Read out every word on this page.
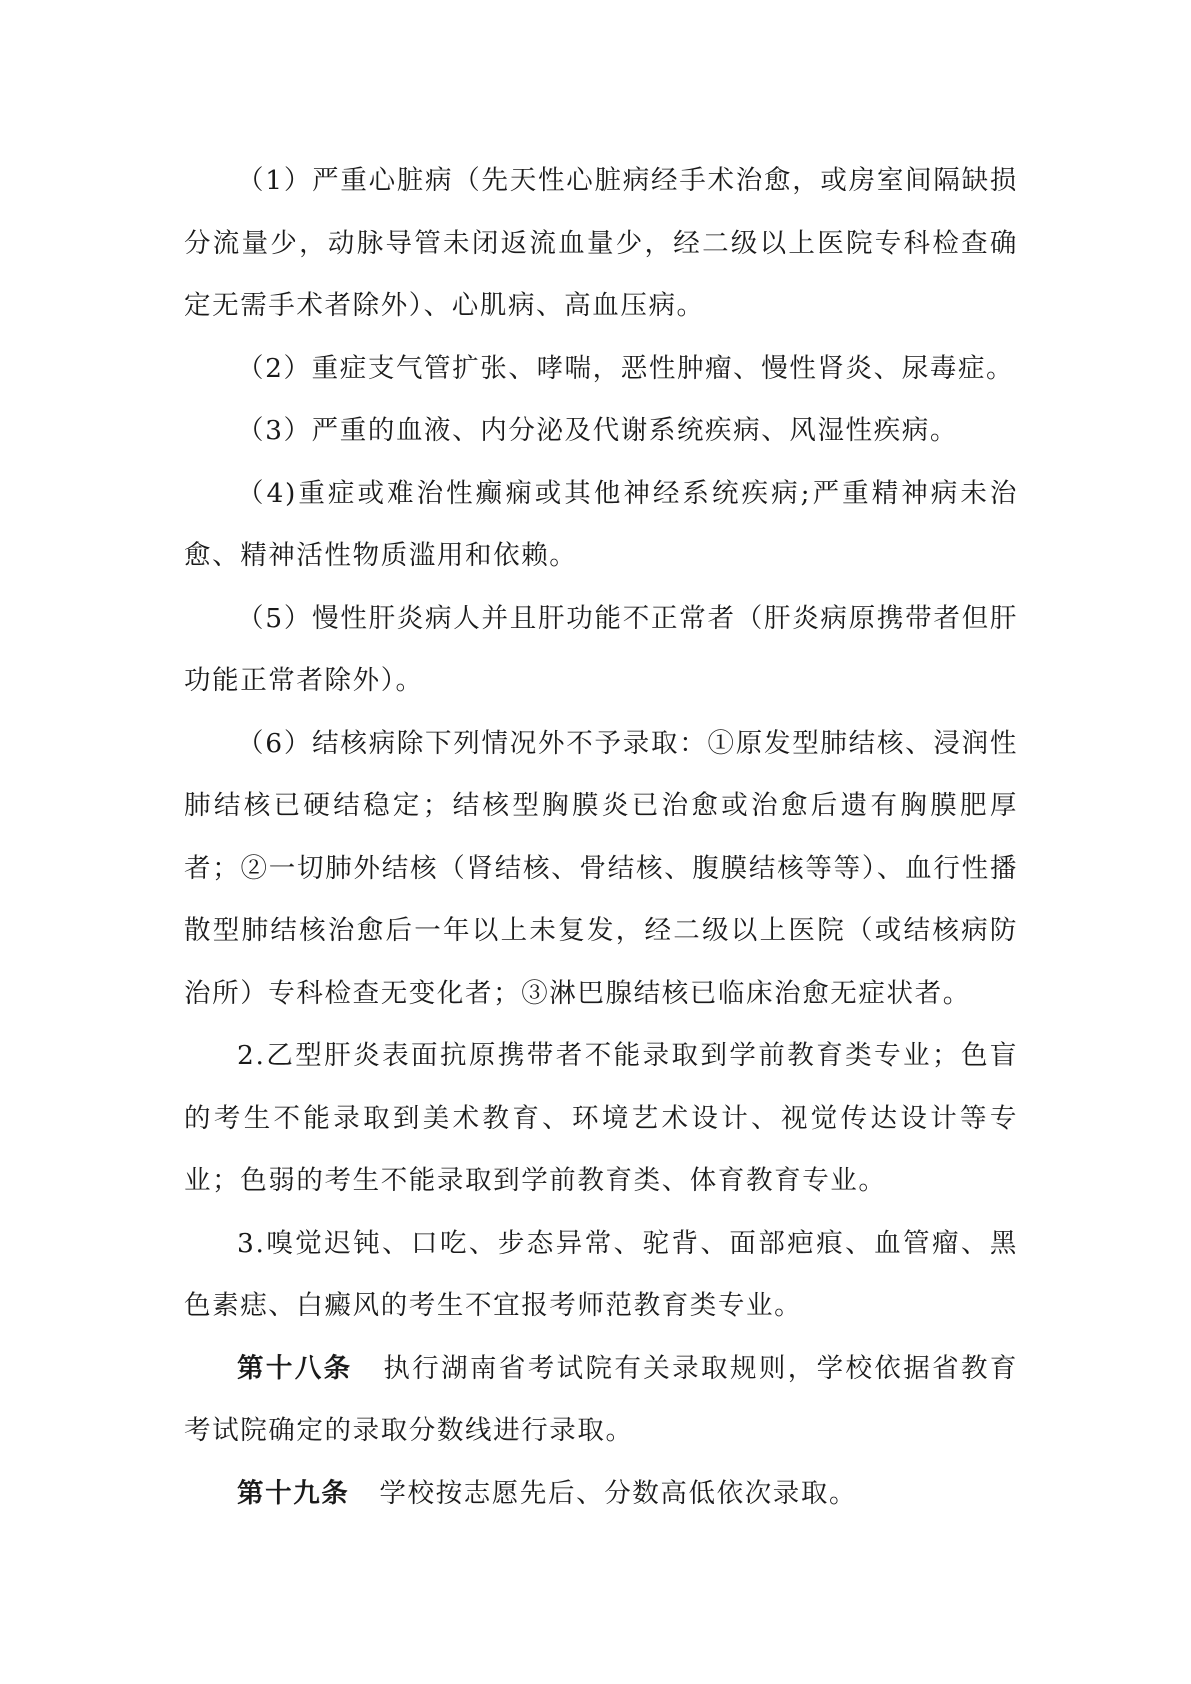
（1）严重心脏病（先天性心脏病经手术治愈，或房室间隔缺损分流量少，动脉导管未闭返流血量少，经二级以上医院专科检查确定无需手术者除外）、心肌病、高血压病。

（2）重症支气管扩张、哮喘，恶性肿瘤、慢性肾炎、尿毒症。

（3）严重的血液、内分泌及代谢系统疾病、风湿性疾病。

（4)重症或难治性癫痫或其他神经系统疾病;严重精神病未治愈、精神活性物质滥用和依赖。

（5）慢性肝炎病人并且肝功能不正常者（肝炎病原携带者但肝功能正常者除外）。

（6）结核病除下列情况外不予录取：①原发型肺结核、浸润性肺结核已硬结稳定；结核型胸膜炎已治愈或治愈后遗有胸膜肥厚者；②一切肺外结核（肾结核、骨结核、腹膜结核等等）、血行性播散型肺结核治愈后一年以上未复发，经二级以上医院（或结核病防治所）专科检查无变化者；③淋巴腺结核已临床治愈无症状者。

2.乙型肝炎表面抗原携带者不能录取到学前教育类专业；色盲的考生不能录取到美术教育、环境艺术设计、视觉传达设计等专业；色弱的考生不能录取到学前教育类、体育教育专业。

3.嗅觉迟钝、口吃、步态异常、驼背、面部疤痕、血管瘤、黑色素痣、白癜风的考生不宜报考师范教育类专业。

第十八条 执行湖南省考试院有关录取规则，学校依据省教育考试院确定的录取分数线进行录取。

第十九条 学校按志愿先后、分数高低依次录取。
